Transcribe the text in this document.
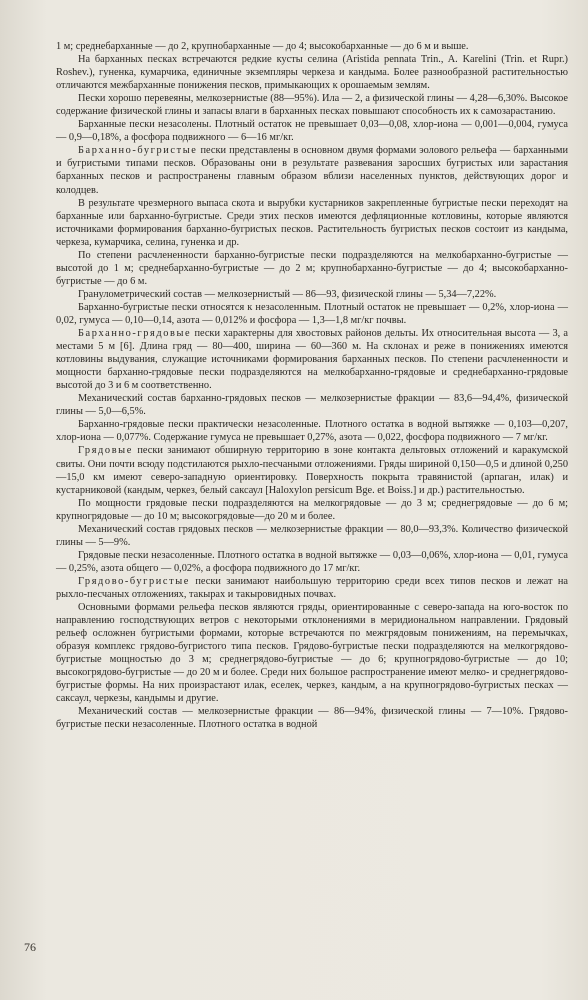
1 м; среднебарханные — до 2, крупнобарханные — до 4; высокобарханные — до 6 м и выше.

На барханных песках встречаются редкие кусты селина (Aristida pennata Trin., A. Karelini (Trin. et Rupr.) Roshev.), гуненка, кумарчика, единичные экземпляры черкеза и кандыма. Более разнообразной растительностью отличаются межбарханные понижения песков, примыкающих к орошаемым землям.

Пески хорошо перевеяны, мелкозернистые (88—95%). Ила — 2, а физической глины — 4,28—6,30%. Высокое содержание физической глины и запасы влаги в барханных песках повышают способность их к самозарастанию.

Барханные пески незасолены. Плотный остаток не превышает 0,03—0,08, хлор-иона — 0,001—0,004, гумуса — 0,9—0,18%, а фосфора подвижного — 6—16 мг/кг.

Барханно-бугристые пески представлены в основном двумя формами эолового рельефа — барханными и бугристыми типами песков. Образованы они в результате развевания заросших бугристых или зарастания барханных песков и распространены главным образом вблизи населенных пунктов, действующих дорог и колодцев.

В результате чрезмерного выпаса скота и вырубки кустарников закрепленные бугристые пески переходят на барханные или барханно-бугристые. Среди этих песков имеются дефляционные котловины, которые являются источниками формирования барханно-бугристых песков. Растительность бугристых песков состоит из кандыма, черкеза, кумарчика, селина, гуненка и др.

По степени расчлененности барханно-бугристые пески подразделяются на мелкобарханно-бугристые — высотой до 1 м; среднебарханно-бугристые — до 2 м; крупнобарханно-бугристые — до 4; высокобарханно-бугристые — до 6 м.

Гранулометрический состав — мелкозернистый — 86—93, физической глины — 5,34—7,22%.

Барханно-бугристые пески относятся к незасоленным. Плотный остаток не превышает — 0,2%, хлор-иона — 0,02, гумуса — 0,10—0,14, азота — 0,012% и фосфора — 1,3—1,8 мг/кг почвы.

Барханно-грядовые пески характерны для хвостовых районов дельты. Их относительная высота — 3, а местами 5 м [6]. Длина гряд — 80—400, ширина — 60—360 м. На склонах и реже в понижениях имеются котловины выдувания, служащие источниками формирования барханных песков. По степени расчлененности и мощности барханно-грядовые пески подразделяются на мелкобарханно-грядовые и среднебарханно-грядовые высотой до 3 и 6 м соответственно.

Механический состав барханно-грядовых песков — мелкозернистые фракции — 83,6—94,4%, физической глины — 5,0—6,5%.

Барханно-грядовые пески практически незасоленные. Плотного остатка в водной вытяжке — 0,103—0,207, хлор-иона — 0,077%. Содержание гумуса не превышает 0,27%, азота — 0,022, фосфора подвижного — 7 мг/кг.

Грядовые пески занимают обширную территорию в зоне контакта дельтовых отложений и каракумской свиты. Они почти всюду подстилаются рыхло-песчаными отложениями. Гряды шириной 0,150—0,5 и длиной 0,250—15,0 км имеют северо-западную ориентировку. Поверхность покрыта травянистой (арпаган, илак) и кустарниковой (кандым, черкез, белый саксаул [Haloxylon persicum Bge. et Boiss.] и др.) растительностью.

По мощности грядовые пески подразделяются на мелкогрядовые — до 3 м; среднегрядовые — до 6 м; крупногрядовые — до 10 м; высокогрядовые—до 20 м и более.

Механический состав грядовых песков — мелкозернистые фракции — 80,0—93,3%. Количество физической глины — 5—9%.

Грядовые пески незасоленные. Плотного остатка в водной вытяжке — 0,03—0,06%, хлор-иона — 0,01, гумуса — 0,25%, азота общего — 0,02%, а фосфора подвижного до 17 мг/кг.

Грядово-бугристые пески занимают наибольшую территорию среди всех типов песков и лежат на рыхло-песчаных отложениях, такырах и такыровидных почвах.

Основными формами рельефа песков являются гряды, ориентированные с северо-запада на юго-восток по направлению господствующих ветров с некоторыми отклонениями в меридиональном направлении. Грядовый рельеф осложнен бугристыми формами, которые встречаются по межгрядовым понижениям, на перемычках, образуя комплекс грядово-бугристого типа песков. Грядово-бугристые пески подразделяются на мелкогрядово-бугристые мощностью до 3 м; среднегрядово-бугристые — до 6; крупногрядово-бугристые — до 10; высокогрядово-бугристые — до 20 м и более. Среди них большое распространение имеют мелко- и среднегрядово-бугристые формы. На них произрастают илак, еселек, черкез, кандым, а на крупногрядово-бугристых песках — саксаул, черкезы, кандымы и другие.

Механический состав — мелкозернистые фракции — 86—94%, физической глины — 7—10%. Грядово-бугристые пески незасоленные. Плотного остатка в водной

76
